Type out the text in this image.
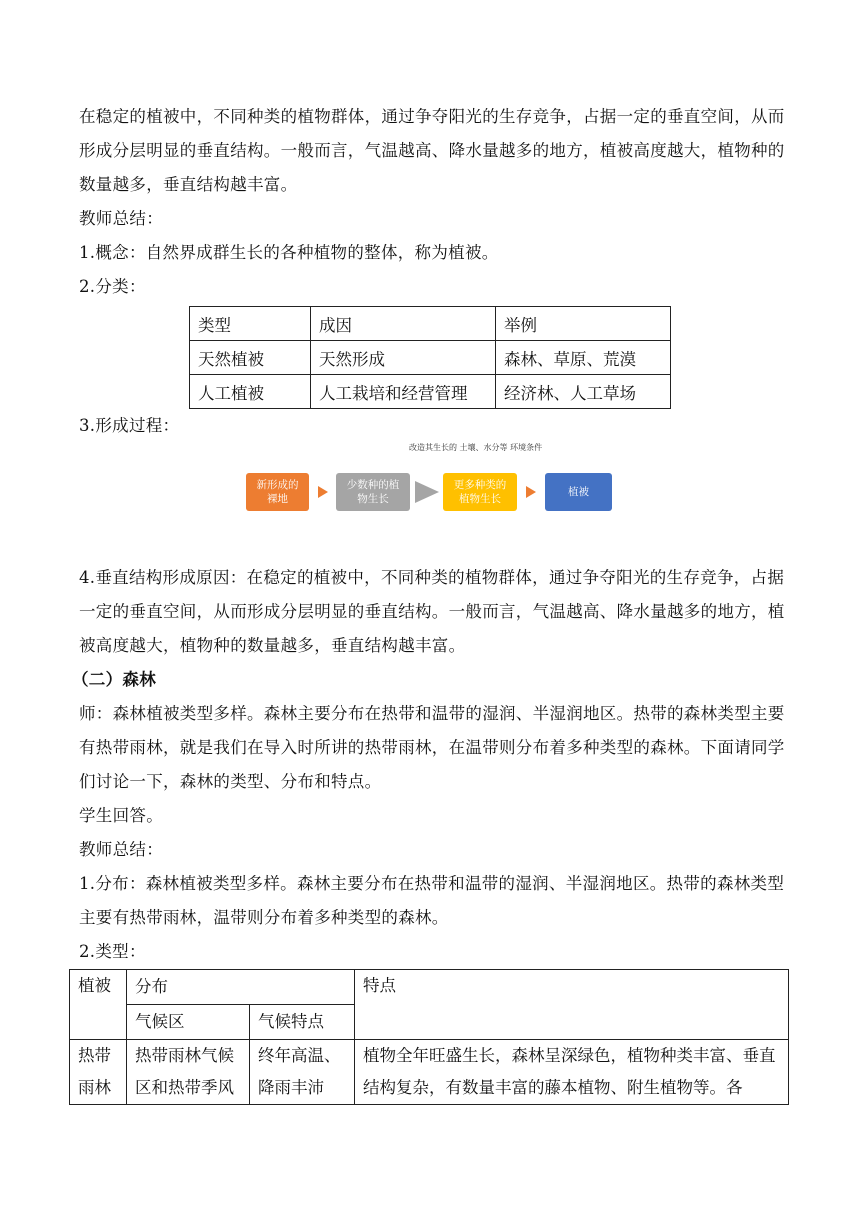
在稳定的植被中，不同种类的植物群体，通过争夺阳光的生存竞争，占据一定的垂直空间，从而形成分层明显的垂直结构。一般而言，气温越高、降水量越多的地方，植被高度越大，植物种的数量越多，垂直结构越丰富。

教师总结：

1.概念：自然界成群生长的各种植物的整体，称为植被。

2.分类：

类型	成因	举例
天然植被	天然形成	森林、草原、荒漠
人工植被	人工栽培和经营管理	经济林、人工草场

3.形成过程：

新形成的
裸地
少数种的植
物生长
改造其生长的 土壤、水分等 环境条件
更多种类的
植物生长
植被

4.垂直结构形成原因：在稳定的植被中，不同种类的植物群体，通过争夺阳光的生存竞争，占据一定的垂直空间，从而形成分层明显的垂直结构。一般而言，气温越高、降水量越多的地方，植被高度越大，植物种的数量越多，垂直结构越丰富。

（二）森林

师：森林植被类型多样。森林主要分布在热带和温带的湿润、半湿润地区。热带的森林类型主要有热带雨林，就是我们在导入时所讲的热带雨林，在温带则分布着多种类型的森林。下面请同学们讨论一下，森林的类型、分布和特点。

学生回答。

教师总结：

1.分布：森林植被类型多样。森林主要分布在热带和温带的湿润、半湿润地区。热带的森林类型主要有热带雨林，温带则分布着多种类型的森林。

2.类型：

植被	分布		特点
	气候区	气候特点	
热带雨林	热带雨林气候区和热带季风	终年高温、降雨丰沛	植物全年旺盛生长，森林呈深绿色，植物种类丰富、垂直结构复杂，有数量丰富的藤本植物、附生植物等。各
